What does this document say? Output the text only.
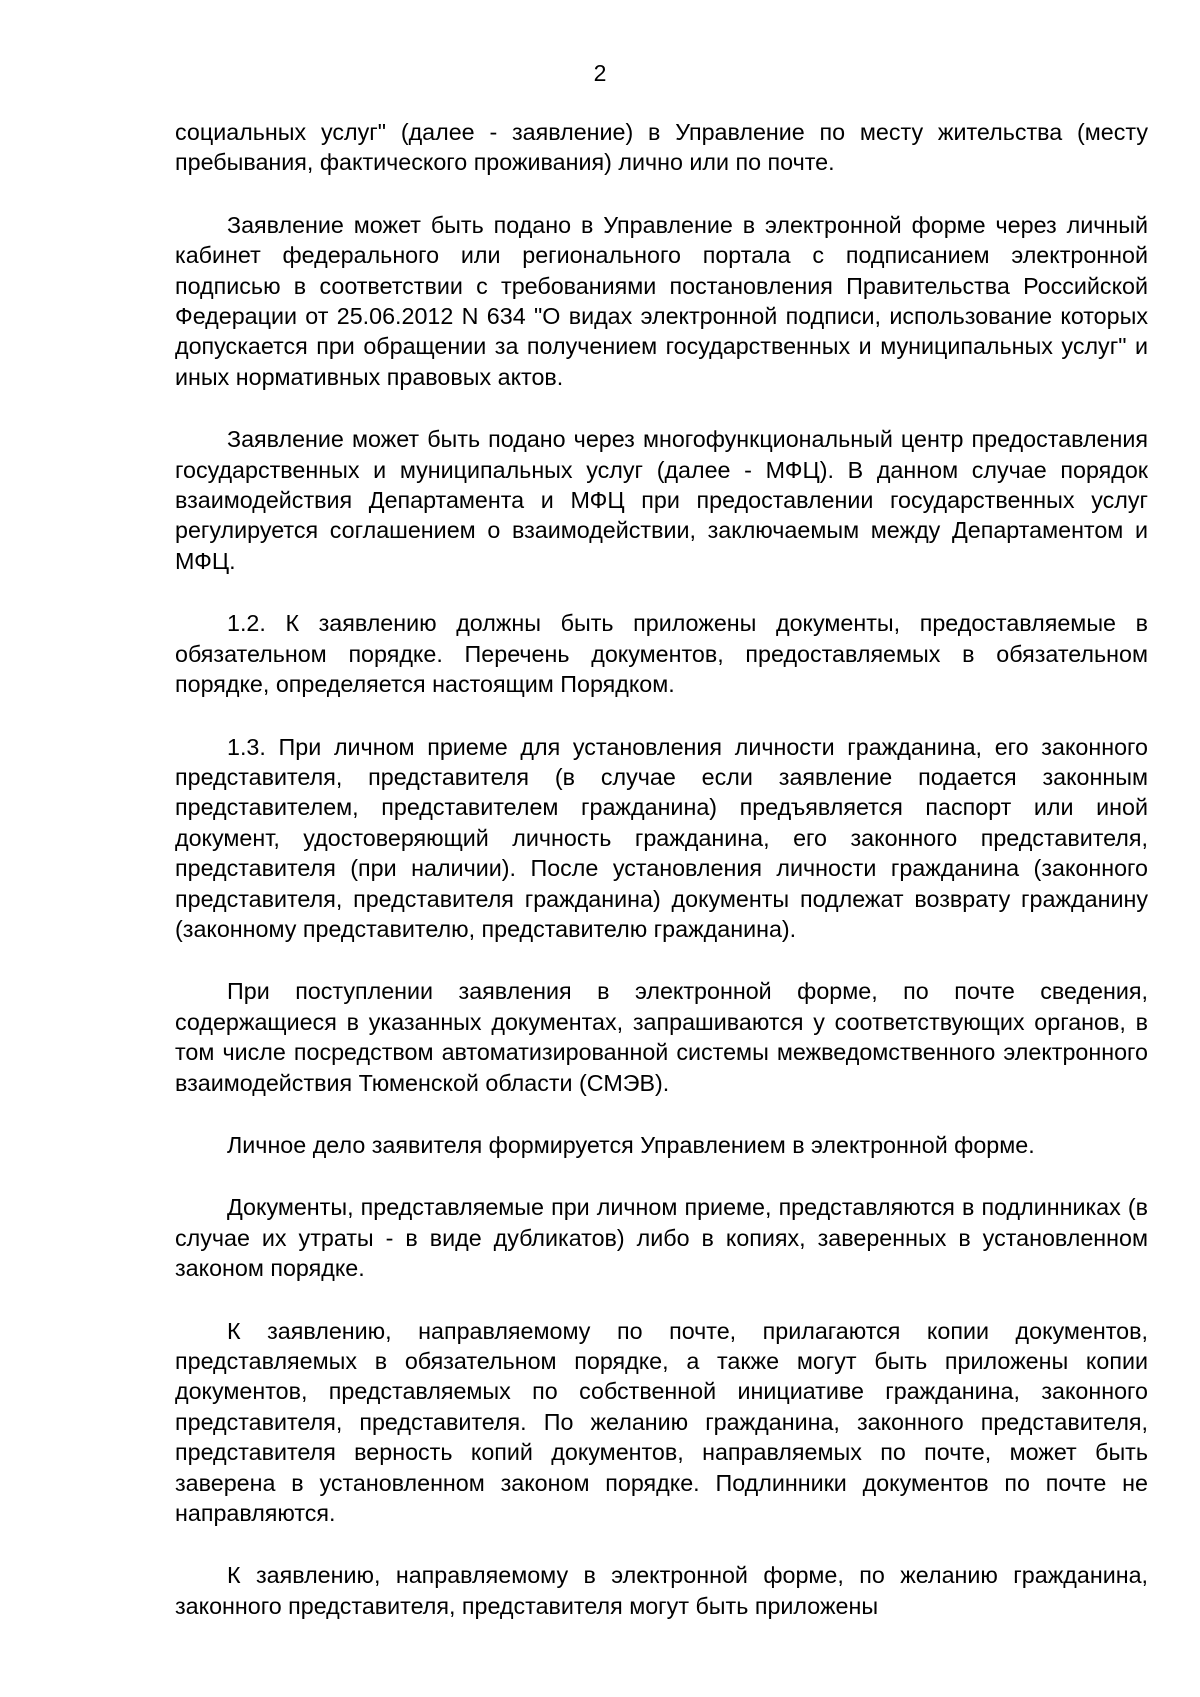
2

социальных услуг" (далее - заявление) в Управление по месту жительства (месту пребывания, фактического проживания) лично или по почте.

Заявление может быть подано в Управление в электронной форме через личный кабинет федерального или регионального портала с подписанием электронной подписью в соответствии с требованиями постановления Правительства Российской Федерации от 25.06.2012 N 634 "О видах электронной подписи, использование которых допускается при обращении за получением государственных и муниципальных услуг" и иных нормативных правовых актов.

Заявление может быть подано через многофункциональный центр предоставления государственных и муниципальных услуг (далее - МФЦ). В данном случае порядок взаимодействия Департамента и МФЦ при предоставлении государственных услуг регулируется соглашением о взаимодействии, заключаемым между Департаментом и МФЦ.

1.2. К заявлению должны быть приложены документы, предоставляемые в обязательном порядке. Перечень документов, предоставляемых в обязательном порядке, определяется настоящим Порядком.

1.3. При личном приеме для установления личности гражданина, его законного представителя, представителя (в случае если заявление подается законным представителем, представителем гражданина) предъявляется паспорт или иной документ, удостоверяющий личность гражданина, его законного представителя, представителя (при наличии). После установления личности гражданина (законного представителя, представителя гражданина) документы подлежат возврату гражданину (законному представителю, представителю гражданина).

При поступлении заявления в электронной форме, по почте сведения, содержащиеся в указанных документах, запрашиваются у соответствующих органов, в том числе посредством автоматизированной системы межведомственного электронного взаимодействия Тюменской области (СМЭВ).

Личное дело заявителя формируется Управлением в электронной форме.

Документы, представляемые при личном приеме, представляются в подлинниках (в случае их утраты - в виде дубликатов) либо в копиях, заверенных в установленном законом порядке.

К заявлению, направляемому по почте, прилагаются копии документов, представляемых в обязательном порядке, а также могут быть приложены копии документов, представляемых по собственной инициативе гражданина, законного представителя, представителя. По желанию гражданина, законного представителя, представителя верность копий документов, направляемых по почте, может быть заверена в установленном законом порядке. Подлинники документов по почте не направляются.

К заявлению, направляемому в электронной форме, по желанию гражданина, законного представителя, представителя могут быть приложены
